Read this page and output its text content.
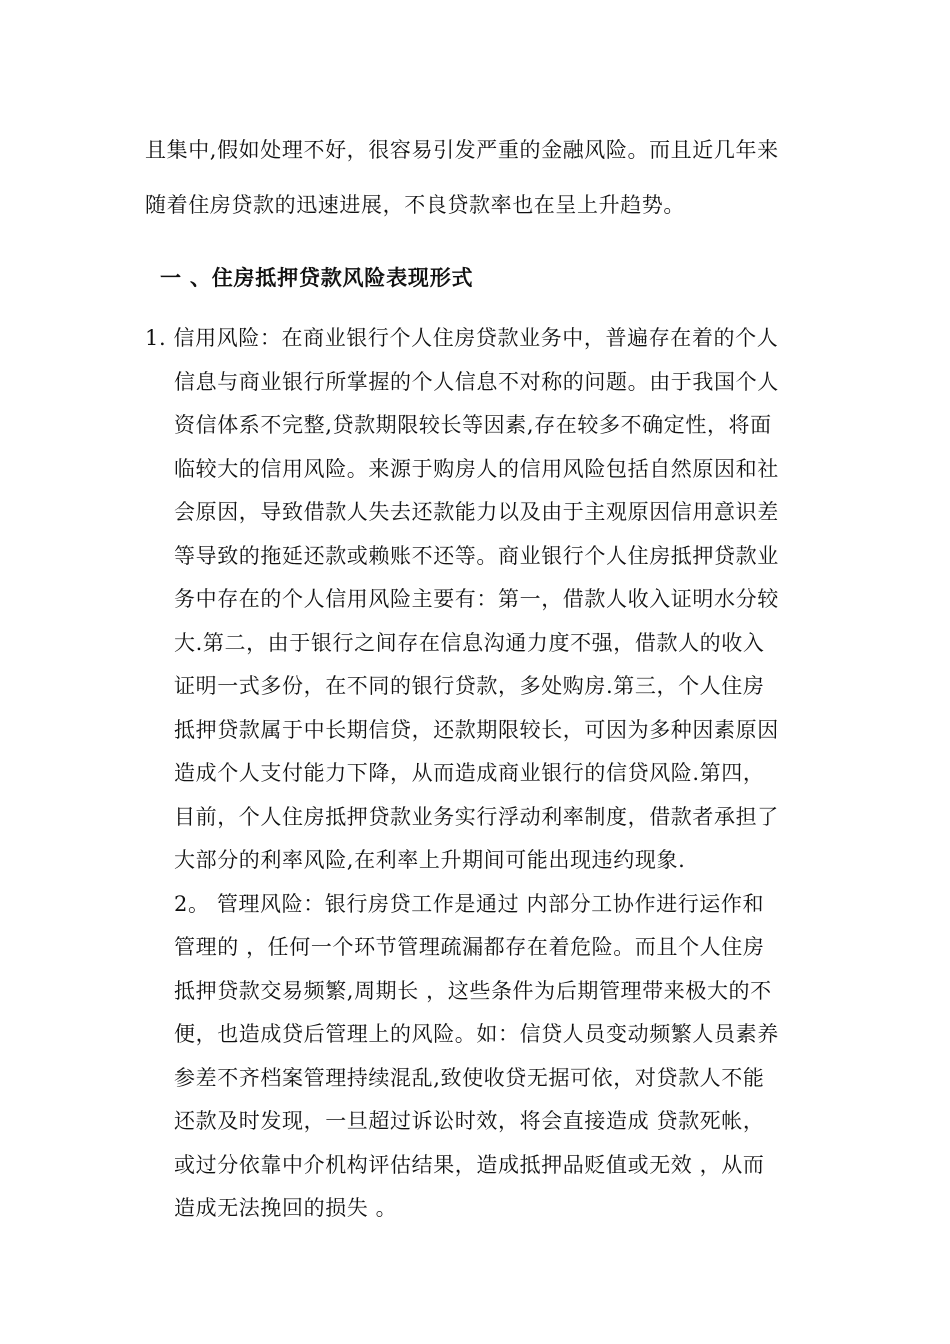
且集中,假如处理不好，很容易引发严重的金融风险。而且近几年来
随着住房贷款的迅速进展，不良贷款率也在呈上升趋势。
一 、住房抵押贷款风险表现形式
1. 信用风险：在商业银行个人住房贷款业务中，普遍存在着的个人
信息与商业银行所掌握的个人信息不对称的问题。由于我国个人
资信体系不完整,贷款期限较长等因素,存在较多不确定性，将面
临较大的信用风险。来源于购房人的信用风险包括自然原因和社
会原因，导致借款人失去还款能力以及由于主观原因信用意识差
等导致的拖延还款或赖账不还等。商业银行个人住房抵押贷款业
务中存在的个人信用风险主要有：第一，借款人收入证明水分较
大.第二，由于银行之间存在信息沟通力度不强，借款人的收入
证明一式多份，在不同的银行贷款，多处购房.第三，个人住房
抵押贷款属于中长期信贷，还款期限较长，可因为多种因素原因
造成个人支付能力下降，从而造成商业银行的信贷风险.第四，
目前，个人住房抵押贷款业务实行浮动利率制度，借款者承担了
大部分的利率风险,在利率上升期间可能出现违约现象.
2。 管理风险：银行房贷工作是通过 内部分工协作进行运作和
管理的 ，任何一个环节管理疏漏都存在着危险。而且个人住房
抵押贷款交易频繁,周期长 ，这些条件为后期管理带来极大的不
便，也造成贷后管理上的风险。如：信贷人员变动频繁人员素养
参差不齐档案管理持续混乱,致使收贷无据可依，对贷款人不能
还款及时发现，一旦超过诉讼时效，将会直接造成 贷款死帐，
或过分依靠中介机构评估结果，造成抵押品贬值或无效 ，从而
造成无法挽回的损失 。
